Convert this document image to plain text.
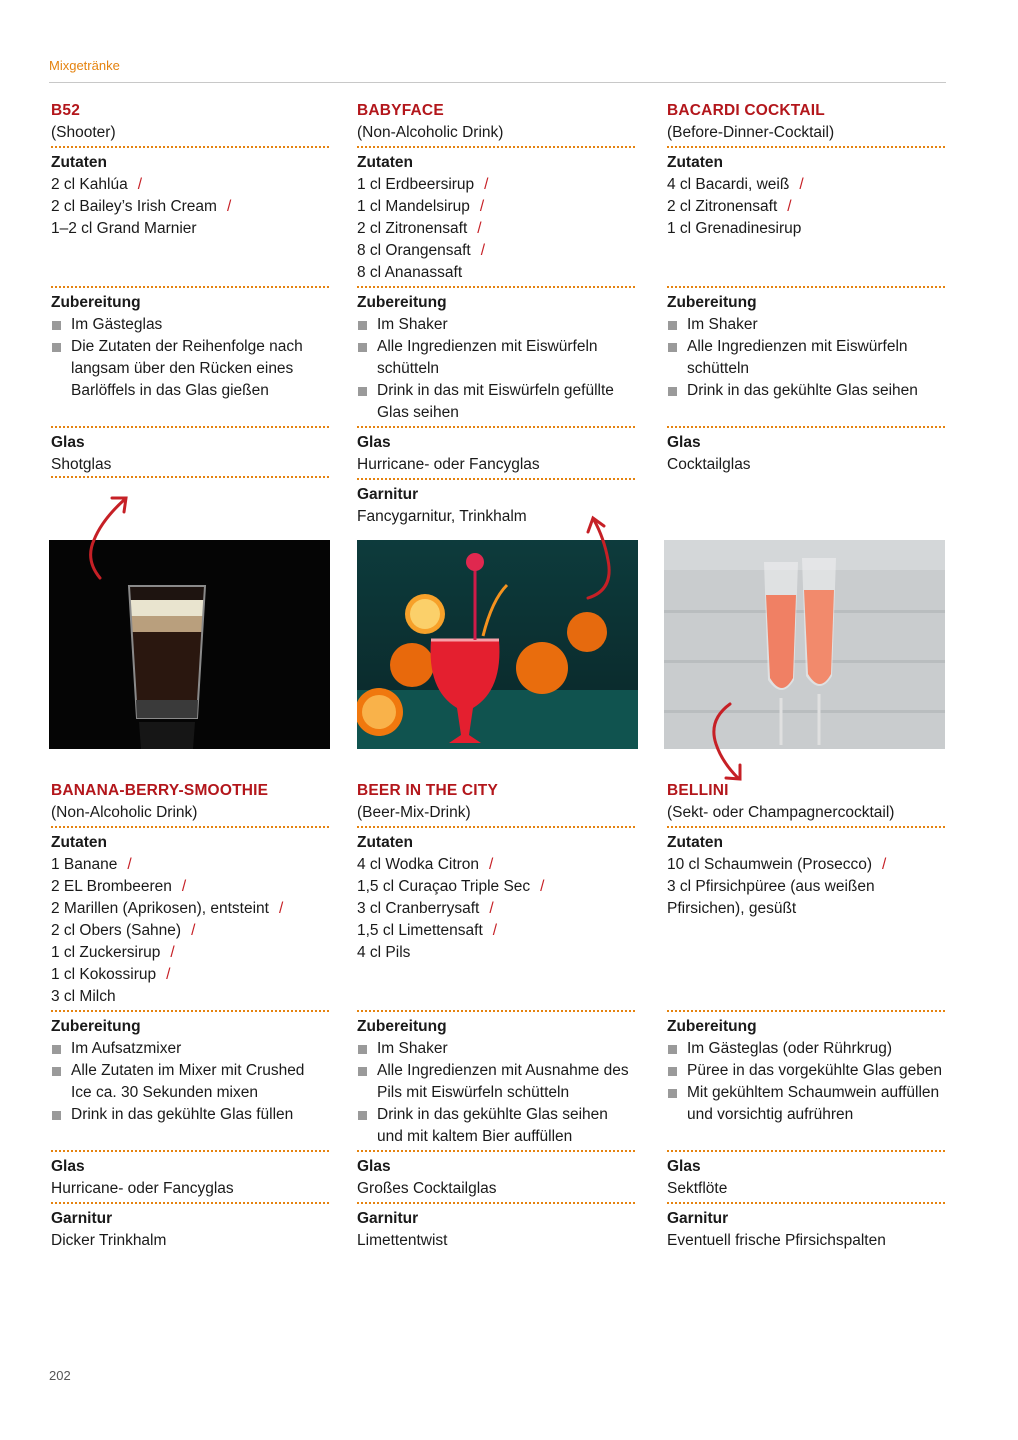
Mixgetränke
B52
(Shooter)
Zutaten
2 cl Kahlúa /
2 cl Bailey’s Irish Cream /
1–2 cl Grand Marnier
Zubereitung
Im Gästeglas
Die Zutaten der Reihenfolge nach langsam über den Rücken eines Barlöffels in das Glas gießen
Glas
Shotglas
BABYFACE
(Non-Alcoholic Drink)
Zutaten
1 cl Erdbeersirup /
1 cl Mandelsirup /
2 cl Zitronensaft /
8 cl Orangensaft /
8 cl Ananassaft
Zubereitung
Im Shaker
Alle Ingredienzen mit Eiswürfeln schütteln
Drink in das mit Eiswürfeln gefüllte Glas seihen
Glas
Hurricane- oder Fancyglas
Garnitur
Fancygarnitur, Trinkhalm
BACARDI COCKTAIL
(Before-Dinner-Cocktail)
Zutaten
4 cl Bacardi, weiß /
2 cl Zitronensaft /
1 cl Grenadinesirup
Zubereitung
Im Shaker
Alle Ingredienzen mit Eiswürfeln schütteln
Drink in das gekühlte Glas seihen
Glas
Cocktailglas
BANANA-BERRY-SMOOTHIE
(Non-Alcoholic Drink)
Zutaten
1 Banane /
2 EL Brombeeren /
2 Marillen (Aprikosen), entsteint /
2 cl Obers (Sahne) /
1 cl Zuckersirup /
1 cl Kokossirup /
3 cl Milch
Zubereitung
Im Aufsatzmixer
Alle Zutaten im Mixer mit Crushed Ice ca. 30 Sekunden mixen
Drink in das gekühlte Glas füllen
Glas
Hurricane- oder Fancyglas
Garnitur
Dicker Trinkhalm
BEER IN THE CITY
(Beer-Mix-Drink)
Zutaten
4 cl Wodka Citron /
1,5 cl Curaçao Triple Sec /
3 cl Cranberrysaft /
1,5 cl Limettensaft /
4 cl Pils
Zubereitung
Im Shaker
Alle Ingredienzen mit Ausnahme des Pils mit Eiswürfeln schütteln
Drink in das gekühlte Glas seihen und mit kaltem Bier auffüllen
Glas
Großes Cocktailglas
Garnitur
Limettentwist
BELLINI
(Sekt- oder Champagnercocktail)
Zutaten
10 cl Schaumwein (Prosecco) /
3 cl Pfirsichpüree (aus weißen Pfirsichen), gesüßt
Zubereitung
Im Gästeglas (oder Rührkrug)
Püree in das vorgekühlte Glas geben
Mit gekühltem Schaumwein auffüllen und vorsichtig aufrühren
Glas
Sektflöte
Garnitur
Eventuell frische Pfirsichspalten
202
